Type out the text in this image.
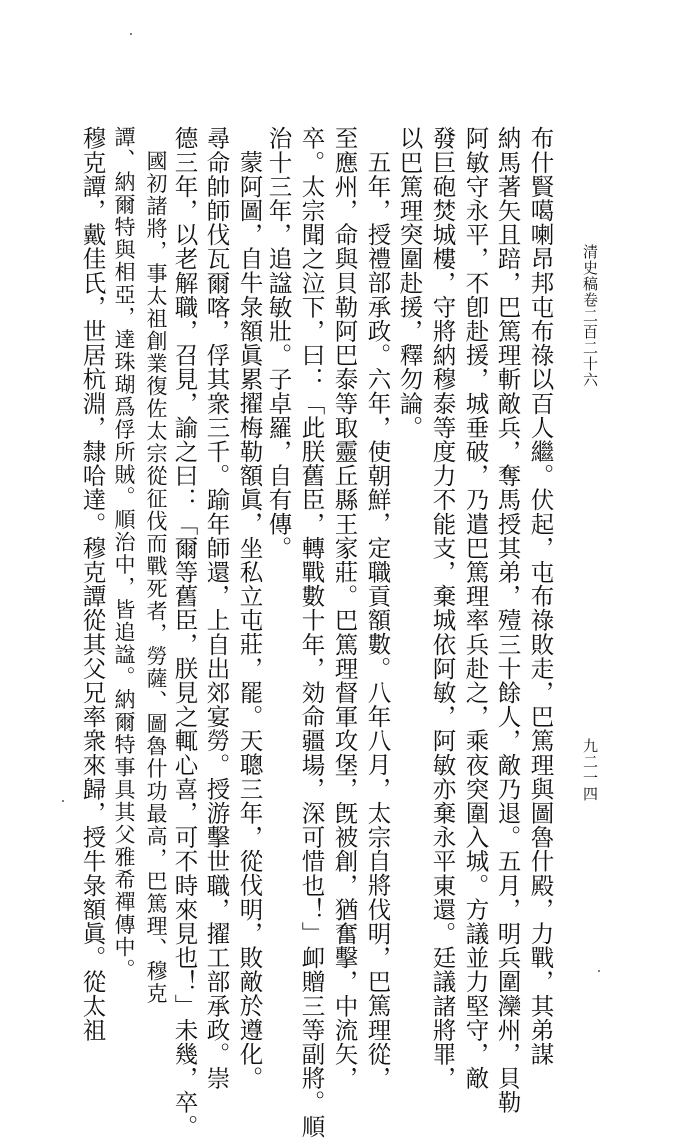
清史稿卷二百二十六
九二一四
布什賢噶喇昂邦屯布祿以百人繼。伏起，屯布祿敗走，巴篤理與圖魯什殿，力戰，其弟謀
納馬著矢且踣，巴篤理斬敵兵，奪馬授其弟，殪三十餘人，敵乃退。五月，明兵圍灤州，貝勒
阿敏守永平，不卽赴援，城垂破，乃遣巴篤理率兵赴之，乘夜突圍入城。方議並力堅守，敵
發巨砲焚城樓，守將納穆泰等度力不能支，棄城依阿敏，阿敏亦棄永平東還。廷議諸將罪，
以巴篤理突圍赴援，釋勿論。
五年，授禮部承政。六年，使朝鮮，定職貢額數。八年八月，太宗自將伐明，巴篤理從，
至應州，命與貝勒阿巴泰等取靈丘縣王家莊。巴篤理督軍攻堡，旣被創，猶奮擊，中流矢，
卒。太宗聞之泣下，曰：「此朕舊臣，轉戰數十年，効命疆場，深可惜也！」卹贈三等副將。順
治十三年，追諡敏壯。子卓羅，自有傳。
蒙阿圖，自牛彔額眞累擢梅勒額眞，坐私立屯莊，罷。天聰三年，從伐明，敗敵於遵化。
尋命帥師伐瓦爾喀，俘其衆三千。踰年師還，上自出郊宴勞。授游擊世職，擢工部承政。崇
德三年，以老解職，召見，諭之曰：「爾等舊臣，朕見之輒心喜，可不時來見也！」未幾，卒。
國初諸將，事太祖創業復佐太宗從征伐而戰死者，勞薩、圖魯什功最高，巴篤理、穆克
譚、納爾特與相亞，達珠瑚爲俘所賊。順治中，皆追諡。納爾特事具其父雅希禪傳中。
穆克譚，戴佳氏，世居杭淵，隸哈達。穆克譚從其父兄率衆來歸，授牛彔額眞。從太祖
